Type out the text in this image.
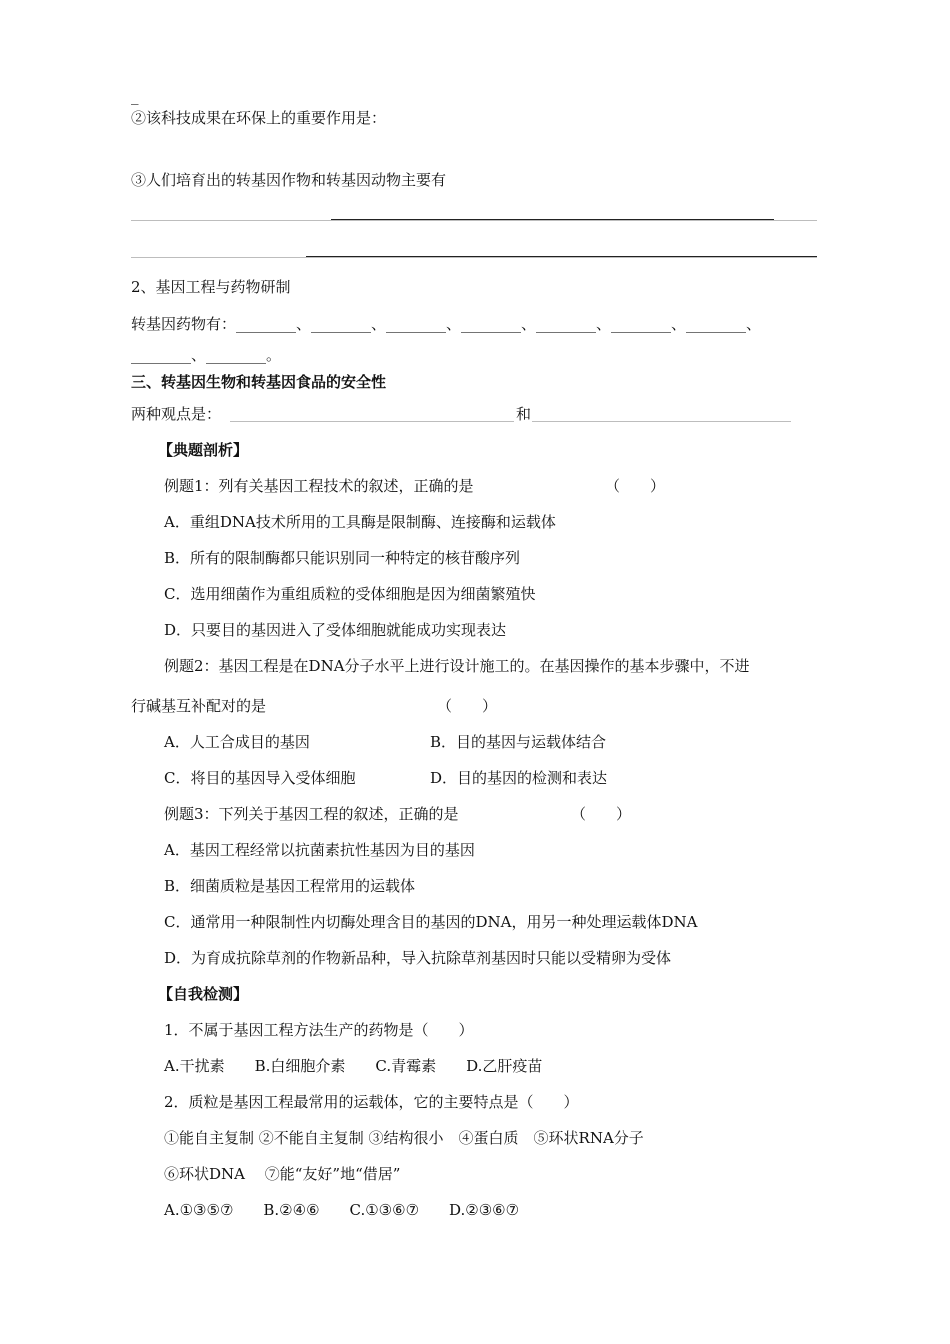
_
②该科技成果在环保上的重要作用是：
③人们培育出的转基因作物和转基因动物主要有
2、基因工程与药物研制
转基因药物有：________、________、________、________、________、________、________、
________、________。
三、转基因生物和转基因食品的安全性
两种观点是：	和
【典题剖析】
例题1：列有关基因工程技术的叙述，正确的是	（　　）
A．重组DNA技术所用的工具酶是限制酶、连接酶和运载体
B．所有的限制酶都只能识别同一种特定的核苷酸序列
C．选用细菌作为重组质粒的受体细胞是因为细菌繁殖快
D．只要目的基因进入了受体细胞就能成功实现表达
例题2：基因工程是在DNA分子水平上进行设计施工的。在基因操作的基本步骤中，不进
行碱基互补配对的是	（　　）
A．人工合成目的基因	B．目的基因与运载体结合
C．将目的基因导入受体细胞	D．目的基因的检测和表达
例题3：下列关于基因工程的叙述，正确的是	（　　）
A．基因工程经常以抗菌素抗性基因为目的基因
B．细菌质粒是基因工程常用的运载体
C．通常用一种限制性内切酶处理含目的基因的DNA，用另一种处理运载体DNA
D．为育成抗除草剂的作物新品种，导入抗除草剂基因时只能以受精卵为受体
【自我检测】
1．不属于基因工程方法生产的药物是（　　）
A.干扰素　　B.白细胞介素　　C.青霉素　　D.乙肝疫苗
2．质粒是基因工程最常用的运载体，它的主要特点是（　　）
①能自主复制 ②不能自主复制 ③结构很小　④蛋白质　⑤环状RNA分子
⑥环状DNA　 ⑦能“友好”地“借居”
A.①③⑤⑦　　B.②④⑥　　C.①③⑥⑦　　D.②③⑥⑦
